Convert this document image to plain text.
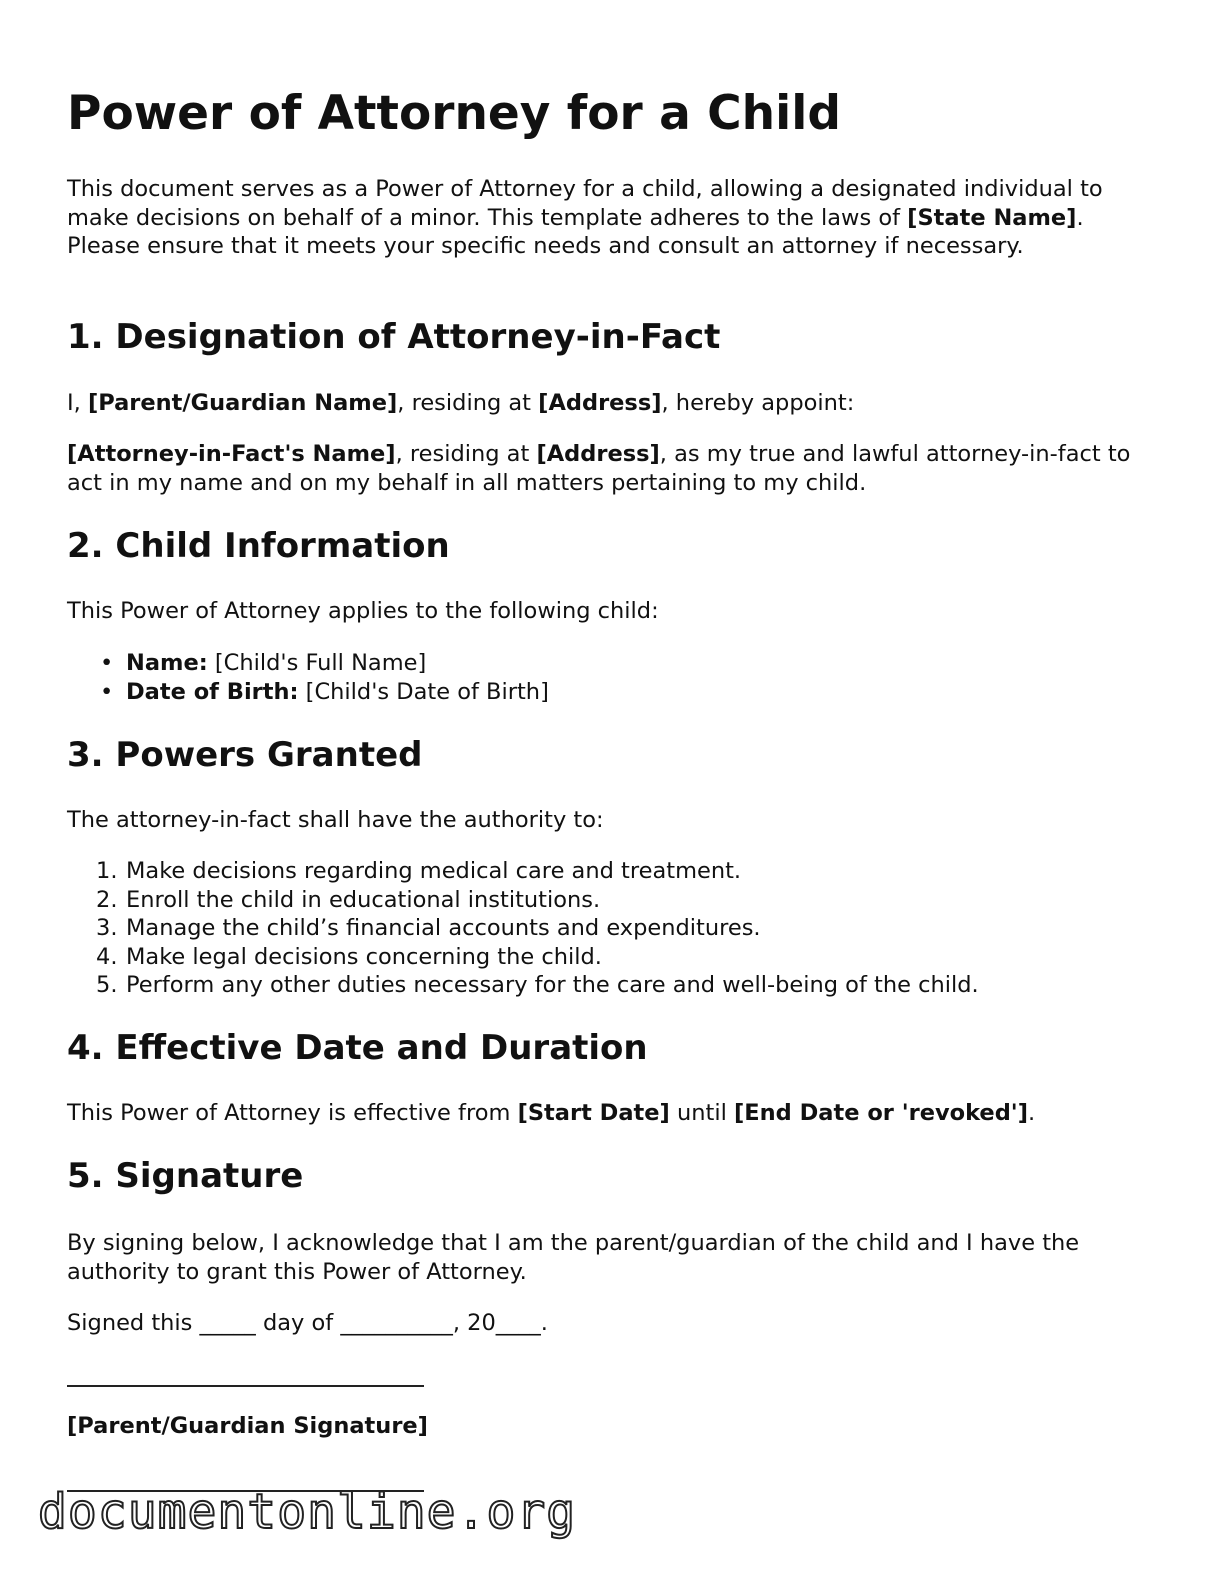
Power of Attorney for a Child

This document serves as a Power of Attorney for a child, allowing a designated individual to make decisions on behalf of a minor. This template adheres to the laws of [State Name]. Please ensure that it meets your specific needs and consult an attorney if necessary.

1. Designation of Attorney-in-Fact

I, [Parent/Guardian Name], residing at [Address], hereby appoint:

[Attorney-in-Fact's Name], residing at [Address], as my true and lawful attorney-in-fact to act in my name and on my behalf in all matters pertaining to my child.

2. Child Information

This Power of Attorney applies to the following child:

• Name: [Child's Full Name]
• Date of Birth: [Child's Date of Birth]
3. Powers Granted

The attorney-in-fact shall have the authority to:

1. Make decisions regarding medical care and treatment.
2. Enroll the child in educational institutions.
3. Manage the child’s financial accounts and expenditures.
4. Make legal decisions concerning the child.
5. Perform any other duties necessary for the care and well-being of the child.
4. Effective Date and Duration

This Power of Attorney is effective from [Start Date] until [End Date or 'revoked'].

5. Signature

By signing below, I acknowledge that I am the parent/guardian of the child and I have the authority to grant this Power of Attorney.

Signed this _____ day of __________, 20____.

[Parent/Guardian Signature]

documentonline.org
